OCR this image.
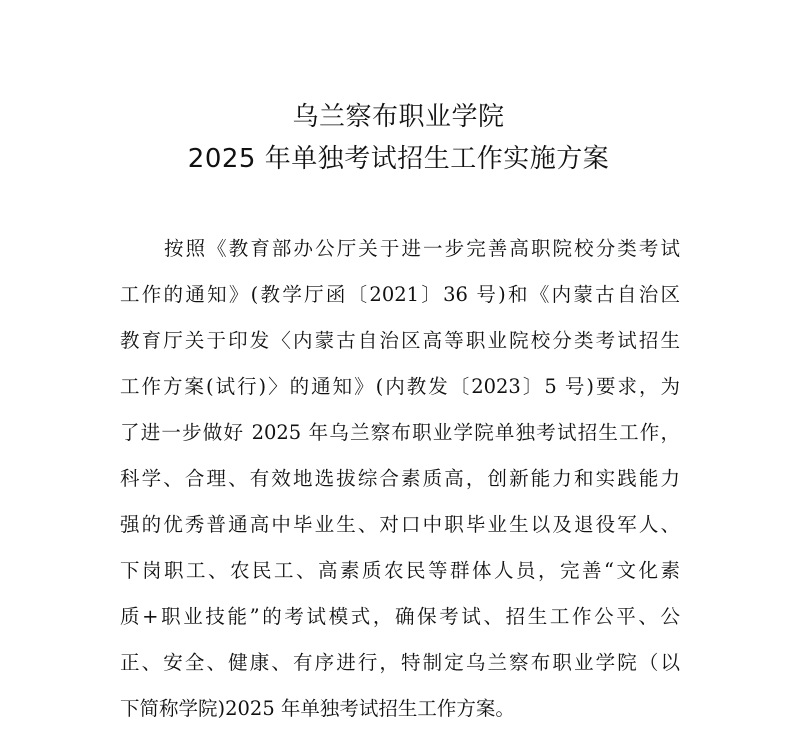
乌兰察布职业学院
2025 年单独考试招生工作实施方案
按照《教育部办公厅关于进一步完善高职院校分类考试
工作的通知》(教学厅函〔2021〕36 号)和《内蒙古自治区
教育厅关于印发〈内蒙古自治区高等职业院校分类考试招生
工作方案(试行)〉的通知》(内教发〔2023〕5 号)要求，为
了进一步做好 2025 年乌兰察布职业学院单独考试招生工作，
科学、合理、有效地选拔综合素质高，创新能力和实践能力
强的优秀普通高中毕业生、对口中职毕业生以及退役军人、
下岗职工、农民工、高素质农民等群体人员，完善“文化素
质+职业技能”的考试模式，确保考试、招生工作公平、公
正、安全、健康、有序进行，特制定乌兰察布职业学院（以
下简称学院)2025 年单独考试招生工作方案。
